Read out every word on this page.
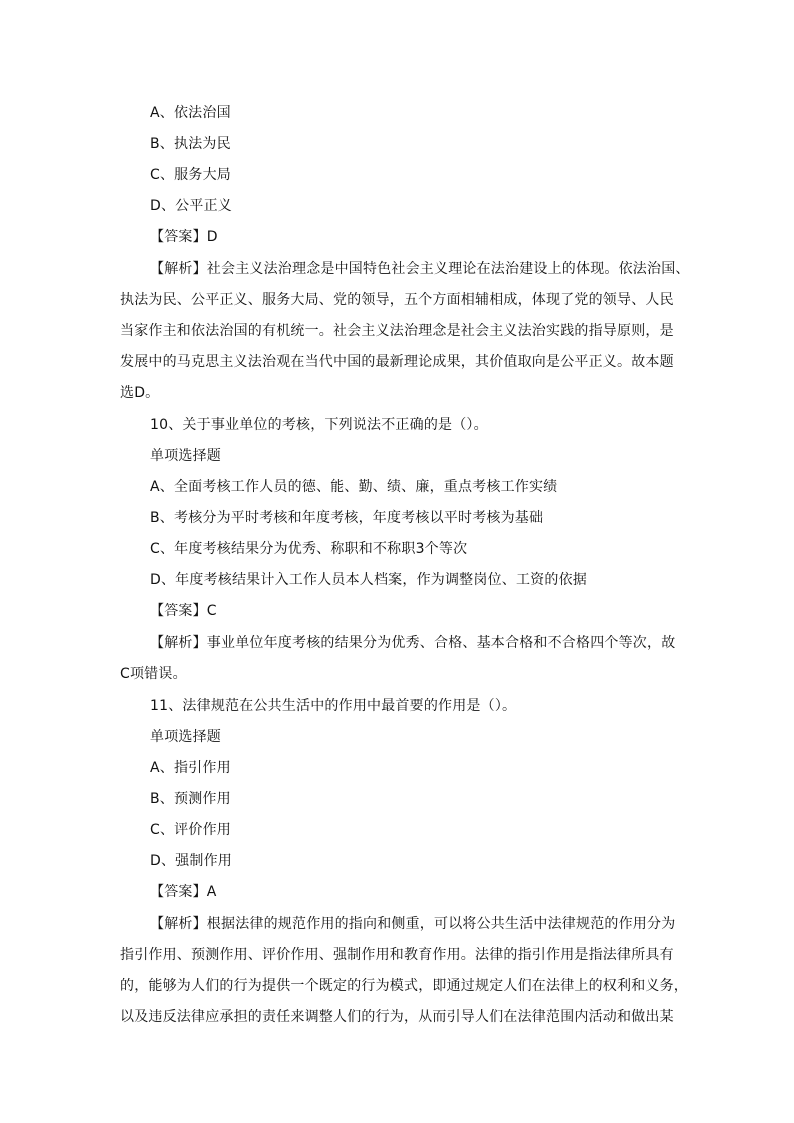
A、依法治国
B、执法为民
C、服务大局
D、公平正义
【答案】D
【解析】社会主义法治理念是中国特色社会主义理论在法治建设上的体现。依法治国、
执法为民、公平正义、服务大局、党的领导，五个方面相辅相成，体现了党的领导、人民
当家作主和依法治国的有机统一。社会主义法治理念是社会主义法治实践的指导原则，是
发展中的马克思主义法治观在当代中国的最新理论成果，其价值取向是公平正义。故本题
选D。
10、关于事业单位的考核，下列说法不正确的是（）。
单项选择题
A、全面考核工作人员的德、能、勤、绩、廉，重点考核工作实绩
B、考核分为平时考核和年度考核，年度考核以平时考核为基础
C、年度考核结果分为优秀、称职和不称职3个等次
D、年度考核结果计入工作人员本人档案，作为调整岗位、工资的依据
【答案】C
【解析】事业单位年度考核的结果分为优秀、合格、基本合格和不合格四个等次，故
C项错误。
11、法律规范在公共生活中的作用中最首要的作用是（）。
单项选择题
A、指引作用
B、预测作用
C、评价作用
D、强制作用
【答案】A
【解析】根据法律的规范作用的指向和侧重，可以将公共生活中法律规范的作用分为
指引作用、预测作用、评价作用、强制作用和教育作用。法律的指引作用是指法律所具有
的，能够为人们的行为提供一个既定的行为模式，即通过规定人们在法律上的权利和义务，
以及违反法律应承担的责任来调整人们的行为，从而引导人们在法律范围内活动和做出某
